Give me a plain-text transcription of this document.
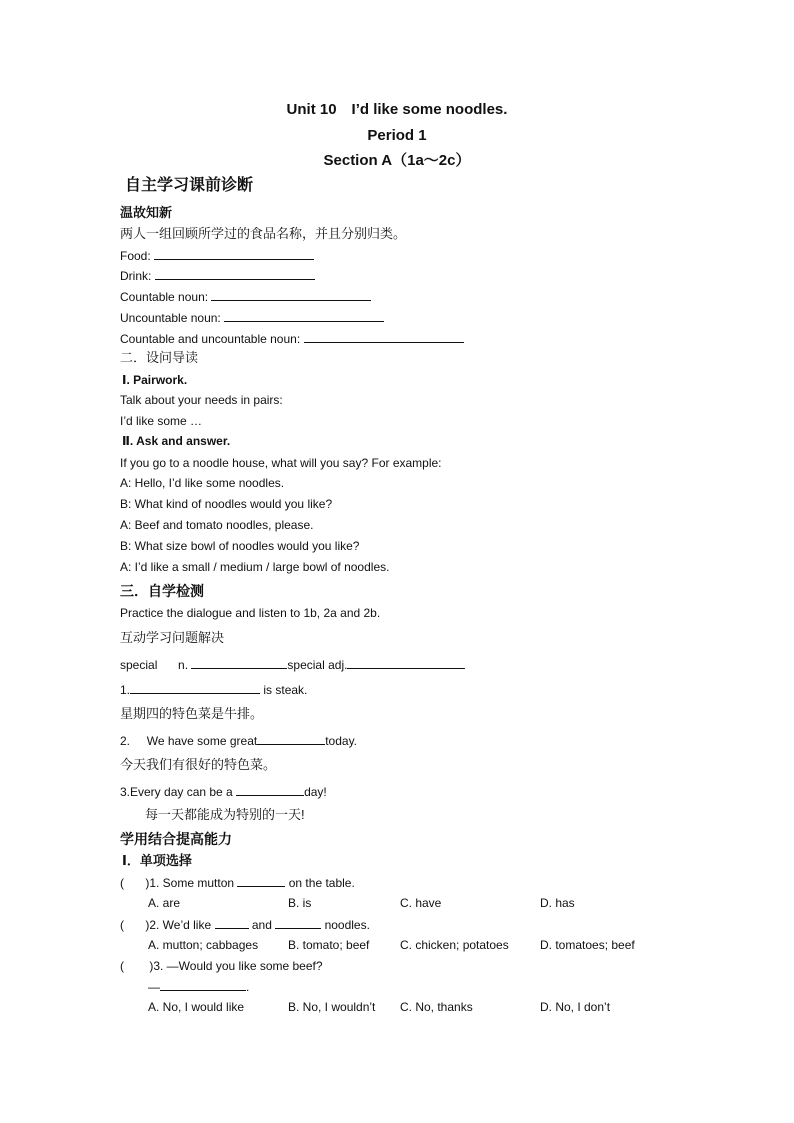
Unit 10　I’d like some noodles.
Period 1
Section A（1a～2c）
自主学习课前诊断
温故知新
两人一组回顾所学过的食品名称，并且分别归类。
Food:
Drink:
Countable noun:
Uncountable noun:
Countable and uncountable noun:
二．设问导读
Ⅰ. Pairwork.
Talk about your needs in pairs:
I’d like some …
Ⅱ. Ask and answer.
If you go to a noodle house, what will you say? For example:
A: Hello, I’d like some noodles.
B: What kind of noodles would you like?
A: Beef and tomato noodles, please.
B: What size bowl of noodles would you like?
A: I’d like a small / medium / large bowl of noodles.
三．自学检测
Practice the dialogue and listen to 1b, 2a and 2b.
互动学习问题解决
special n.	special adj.
1.	is steak.
星期四的特色菜是牛排。
2. We have some great	today.
今天我们有很好的特色菜。
3.Every day can be a	day!
每一天都能成为特别的一天!
学用结合提高能力
Ⅰ．单项选择
( )1. Some mutton	on the table.
A. are	B. is	C. have	D. has
( )2. We’d like	and	noodles.
A. mutton; cabbages B. tomato; beef	C. chicken; potatoes	D. tomatoes; beef
( )3. —Would you like some beef?
—	.
A. No, I would like	B. No, I wouldn’t C. No, thanks	D. No, I don’t
